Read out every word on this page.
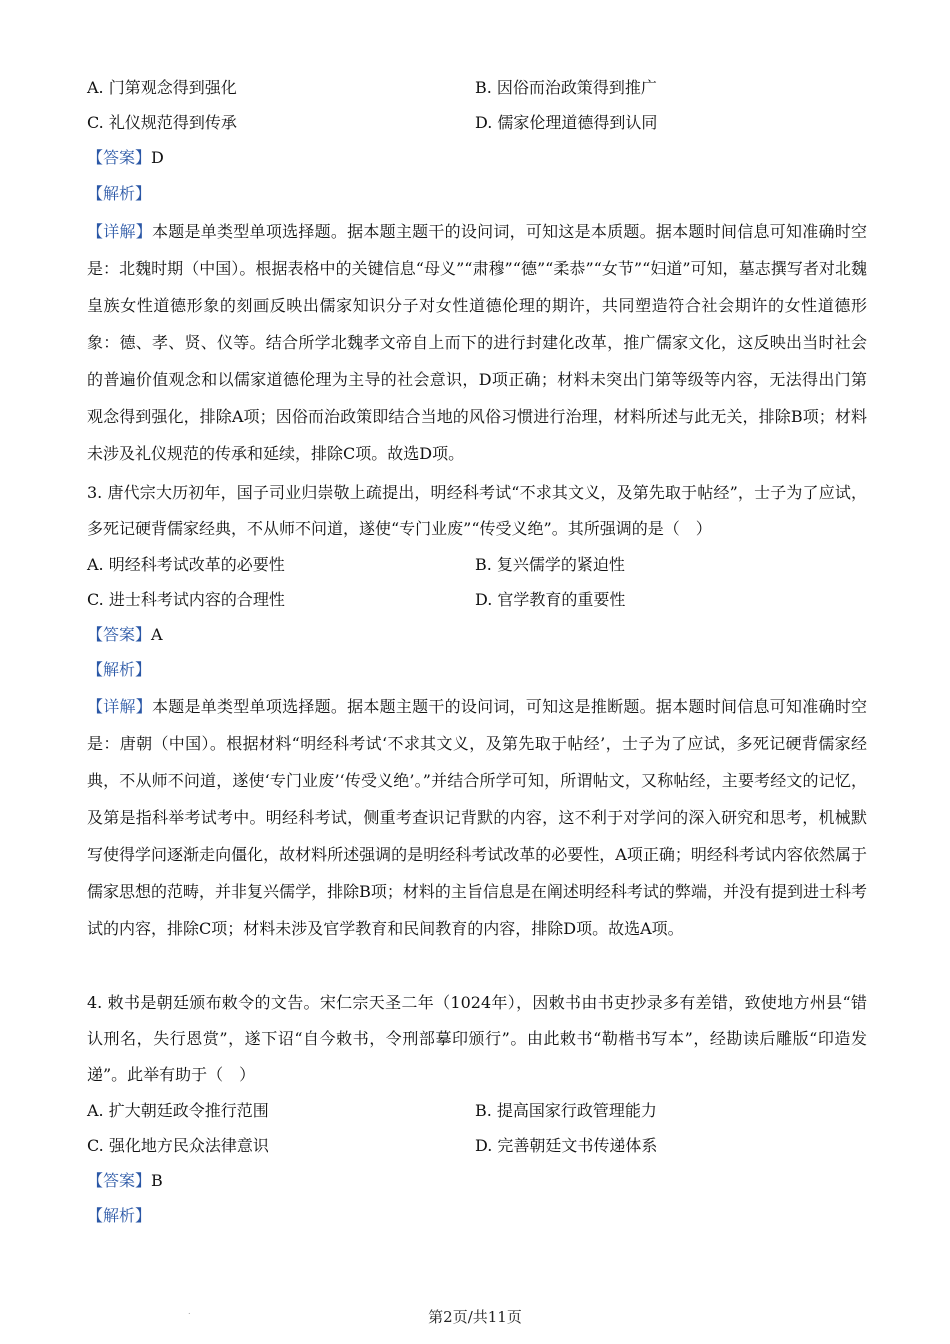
A. 门第观念得到强化	B. 因俗而治政策得到推广
C. 礼仪规范得到传承	D. 儒家伦理道德得到认同
【答案】D
【解析】

【详解】本题是单类型单项选择题。据本题主题干的设问词，可知这是本质题。据本题时间信息可知准确时空是：北魏时期（中国）。根据表格中的关键信息“母义”“肃穆”“德”“柔恭”“女节”“妇道”可知，墓志撰写者对北魏皇族女性道德形象的刻画反映出儒家知识分子对女性道德伦理的期许，共同塑造符合社会期许的女性道德形象：德、孝、贤、仪等。结合所学北魏孝文帝自上而下的进行封建化改革，推广儒家文化，这反映出当时社会的普遍价值观念和以儒家道德伦理为主导的社会意识，D项正确；材料未突出门第等级等内容，无法得出门第观念得到强化，排除A项；因俗而治政策即结合当地的风俗习惯进行治理，材料所述与此无关，排除B项；材料未涉及礼仪规范的传承和延续，排除C项。故选D项。

3. 唐代宗大历初年，国子司业归崇敬上疏提出，明经科考试“不求其文义，及第先取于帖经”，士子为了应试，多死记硬背儒家经典，不从师不问道，遂使“专门业废”“传受义绝”。其所强调的是（　）

A. 明经科考试改革的必要性	B. 复兴儒学的紧迫性
C. 进士科考试内容的合理性	D. 官学教育的重要性
【答案】A
【解析】

【详解】本题是单类型单项选择题。据本题主题干的设问词，可知这是推断题。据本题时间信息可知准确时空是：唐朝（中国）。根据材料“明经科考试‘不求其文义，及第先取于帖经’，士子为了应试，多死记硬背儒家经典，不从师不问道，遂使‘专门业废’‘传受义绝’。”并结合所学可知，所谓帖文，又称帖经，主要考经文的记忆，及第是指科举考试考中。明经科考试，侧重考查识记背默的内容，这不利于对学问的深入研究和思考，机械默写使得学问逐渐走向僵化，故材料所述强调的是明经科考试改革的必要性，A项正确；明经科考试内容依然属于儒家思想的范畴，并非复兴儒学，排除B项；材料的主旨信息是在阐述明经科考试的弊端，并没有提到进士科考试的内容，排除C项；材料未涉及官学教育和民间教育的内容，排除D项。故选A项。

4. 敕书是朝廷颁布敕令的文告。宋仁宗天圣二年（1024年），因敕书由书吏抄录多有差错，致使地方州县“错认刑名，失行恩赏”，遂下诏“自今敕书，令刑部摹印颁行”。由此敕书“勒楷书写本”，经勘读后雕版“印造发递”。此举有助于（　）

A. 扩大朝廷政令推行范围	B. 提高国家行政管理能力
C. 强化地方民众法律意识	D. 完善朝廷文书传递体系
【答案】B
【解析】
.	第2页/共11页
